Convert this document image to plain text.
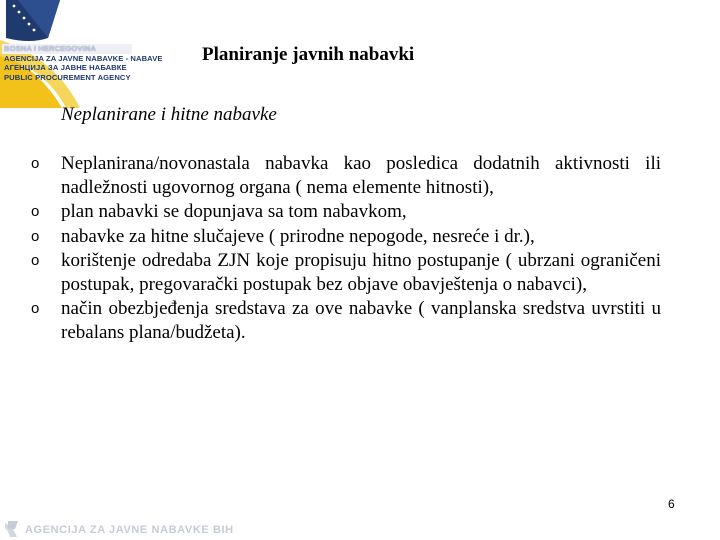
BOSNA I HERCEGOVINA
AGENCIJA ZA JAVNE NABAVKE - NABAVE
АГЕНЦИЈА ЗА ЈАВНЕ НАБАВКЕ
PUBLIC PROCUREMENT AGENCY
Planiranje javnih nabavki
Neplanirane i hitne nabavke
o Neplanirana/novonastala nabavka kao posledica dodatnih aktivnosti ili nadležnosti ugovornog organa ( nema elemente hitnosti),
o plan nabavki se dopunjava sa tom nabavkom,
o nabavke za hitne slučajeve ( prirodne nepogode, nesreće i dr.),
o korištenje odredaba ZJN koje propisuju hitno postupanje ( ubrzani ograničeni postupak, pregovarački postupak bez objave obavještenja o nabavci),
o način obezbjeđenja sredstava za ove nabavke ( vanplanska sredstva uvrstiti u rebalans plana/budžeta).
6
AGENCIJA ZA JAVNE NABAVKE BIH
